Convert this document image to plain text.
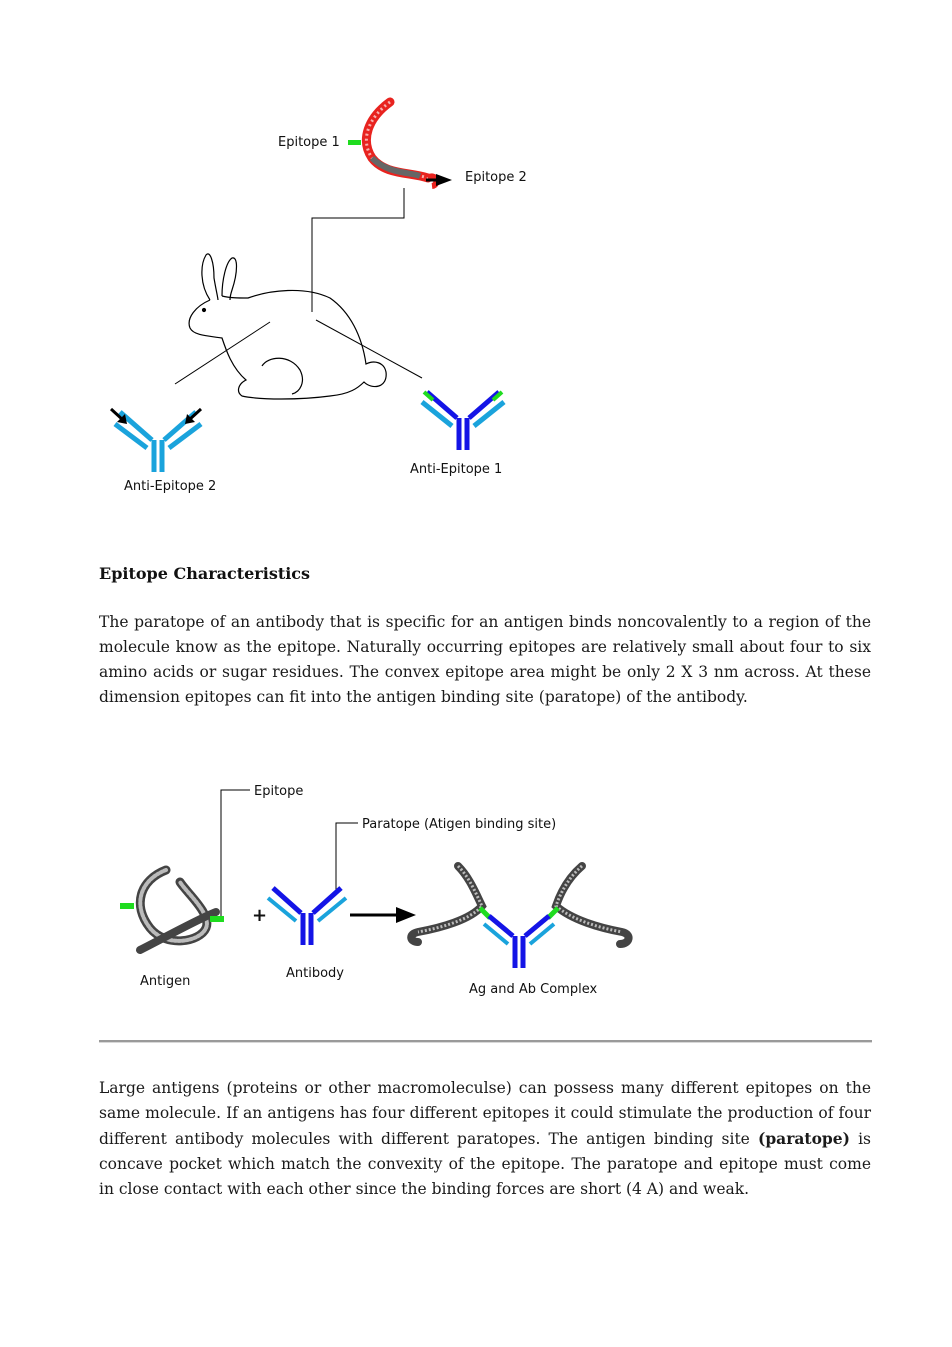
Epitope 1
Epitope 2
Anti-Epitope 2
Anti-Epitope 1
Epitope Characteristics

The paratope of an antibody that is specific for an antigen binds noncovalently to a region of the molecule know as the epitope. Naturally occurring epitopes are relatively small about four to six amino acids or sugar residues. The convex epitope area might be only 2 X 3 nm across. At these dimension epitopes can fit into the antigen binding site (paratope) of the antibody.

Epitope
Paratope (Atigen binding site)
Antigen
+
Antibody
Ag and Ab Complex

Large antigens (proteins or other macromoleculse) can possess many different epitopes on the same molecule. If an antigens has four different epitopes it could stimulate the production of four different antibody molecules with different paratopes. The antigen binding site (paratope) is concave pocket which match the convexity of the epitope. The paratope and epitope must come in close contact with each other since the binding forces are short (4 A) and weak.
